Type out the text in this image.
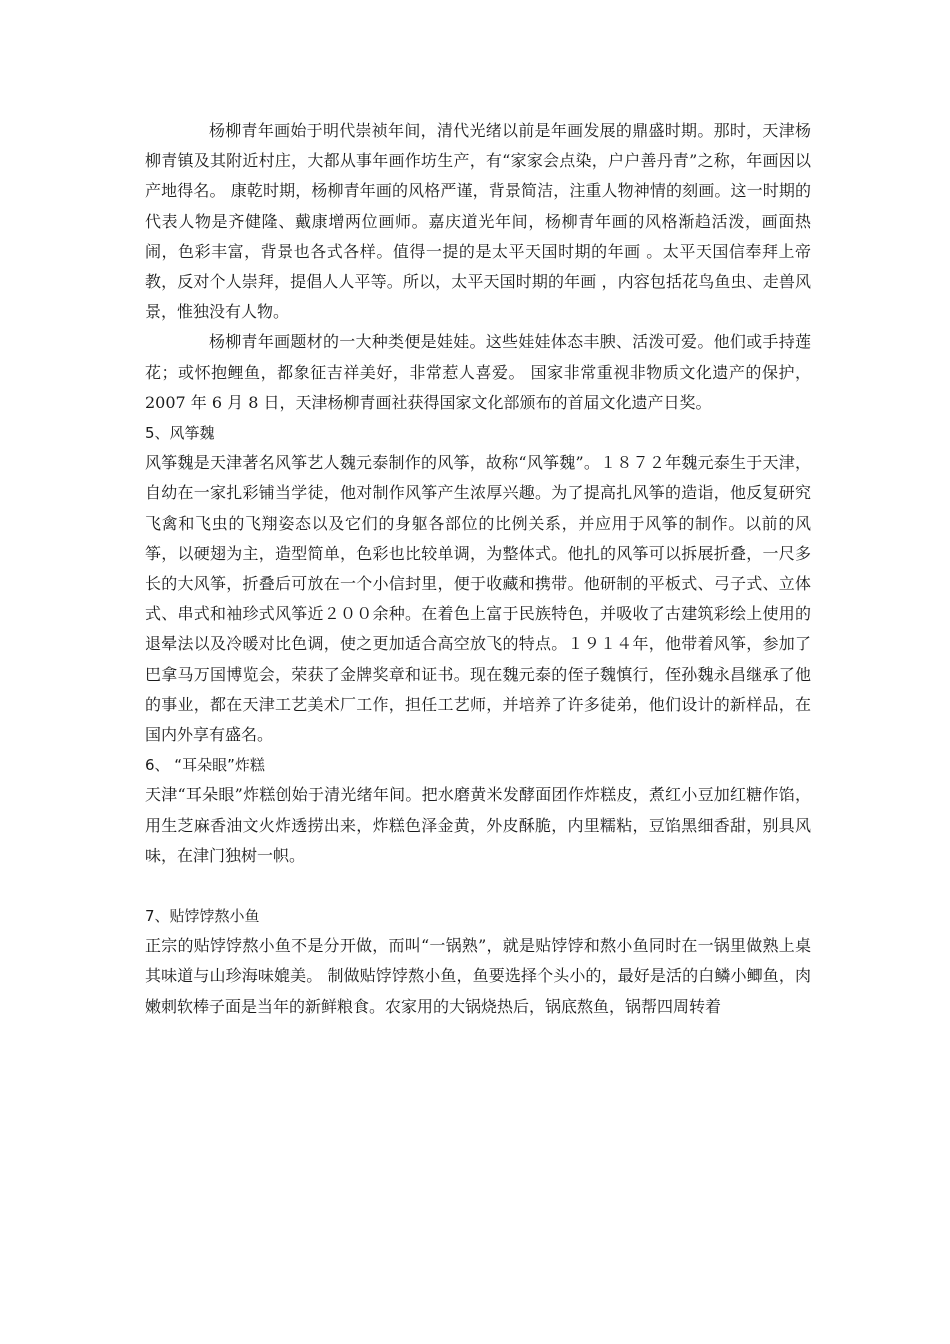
杨柳青年画始于明代崇祯年间，清代光绪以前是年画发展的鼎盛时期。那时，天津杨柳青镇及其附近村庄，大都从事年画作坊生产，有“家家会点染，户户善丹青”之称，年画因以产地得名。 康乾时期，杨柳青年画的风格严谨，背景简洁，注重人物神情的刻画。这一时期的代表人物是齐健隆、戴康增两位画师。嘉庆道光年间，杨柳青年画的风格渐趋活泼，画面热闹，色彩丰富，背景也各式各样。值得一提的是太平天国时期的年画 。太平天国信奉拜上帝教，反对个人崇拜，提倡人人平等。所以，太平天国时期的年画 ，内容包括花鸟鱼虫、走兽风景，惟独没有人物。

杨柳青年画题材的一大种类便是娃娃。这些娃娃体态丰腴、活泼可爱。他们或手持莲花；或怀抱鲤鱼，都象征吉祥美好，非常惹人喜爱。 国家非常重视非物质文化遗产的保护，2007 年 6 月 8 日，天津杨柳青画社获得国家文化部颁布的首届文化遗产日奖。

5、风筝魏

风筝魏是天津著名风筝艺人魏元泰制作的风筝，故称“风筝魏”。１８７２年魏元泰生于天津，自幼在一家扎彩铺当学徒，他对制作风筝产生浓厚兴趣。为了提高扎风筝的造诣，他反复研究飞禽和飞虫的飞翔姿态以及它们的身躯各部位的比例关系，并应用于风筝的制作。以前的风筝，以硬翅为主，造型简单，色彩也比较单调，为整体式。他扎的风筝可以拆展折叠，一尺多长的大风筝，折叠后可放在一个小信封里，便于收藏和携带。他研制的平板式、弓子式、立体式、串式和袖珍式风筝近２００余种。在着色上富于民族特色，并吸收了古建筑彩绘上使用的退晕法以及冷暖对比色调，使之更加适合高空放飞的特点。１９１４年，他带着风筝，参加了巴拿马万国博览会，荣获了金牌奖章和证书。现在魏元泰的侄子魏慎行，侄孙魏永昌继承了他的事业，都在天津工艺美术厂工作，担任工艺师，并培养了许多徒弟，他们设计的新样品，在国内外享有盛名。

6、 “耳朵眼”炸糕

天津“耳朵眼”炸糕创始于清光绪年间。把水磨黄米发酵面团作炸糕皮，煮红小豆加红糖作馅，用生芝麻香油文火炸透捞出来，炸糕色泽金黄，外皮酥脆，内里糯粘，豆馅黑细香甜，别具风味，在津门独树一帜。

7、贴饽饽熬小鱼

正宗的贴饽饽熬小鱼不是分开做，而叫“一锅熟”，就是贴饽饽和熬小鱼同时在一锅里做熟上桌其味道与山珍海味媲美。 制做贴饽饽熬小鱼，鱼要选择个头小的，最好是活的白鳞小鲫鱼，肉嫩刺软棒子面是当年的新鲜粮食。农家用的大锅烧热后，锅底熬鱼，锅帮四周转着
